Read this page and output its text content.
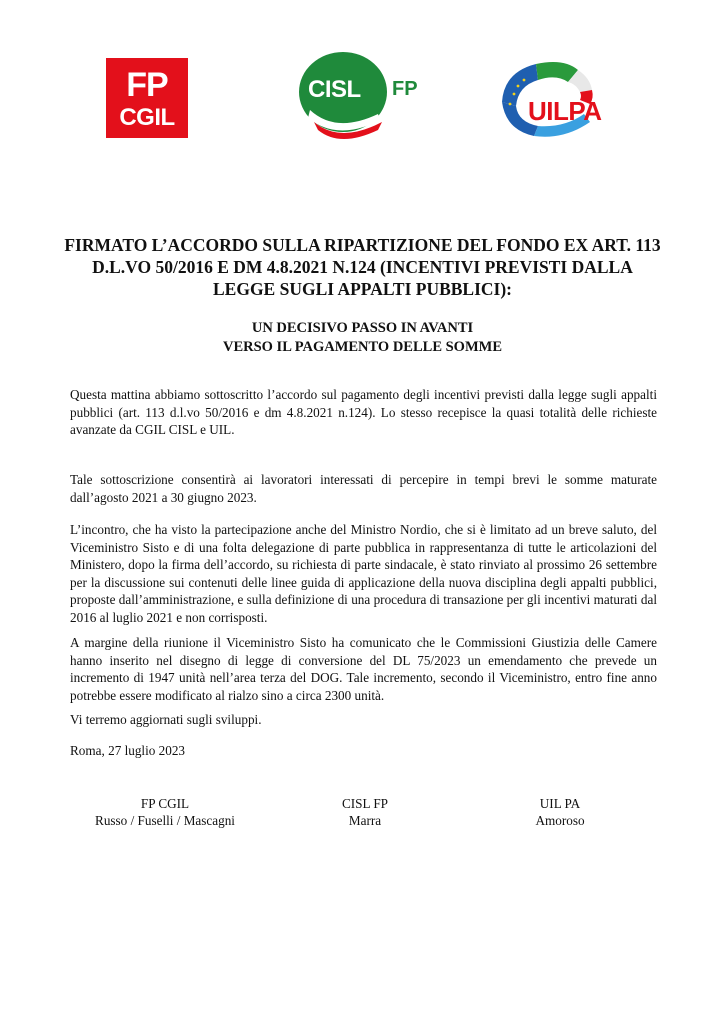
FP
CGIL
CISL FP
UILPA
FIRMATO L’ACCORDO SULLA RIPARTIZIONE DEL FONDO EX ART. 113 D.L.VO 50/2016 E DM 4.8.2021 N.124 (INCENTIVI PREVISTI DALLA LEGGE SUGLI APPALTI PUBBLICI):
UN DECISIVO PASSO IN AVANTI
VERSO IL PAGAMENTO DELLE SOMME

Questa mattina abbiamo sottoscritto l’accordo sul pagamento degli incentivi previsti dalla legge sugli appalti pubblici (art. 113 d.l.vo 50/2016 e dm 4.8.2021 n.124). Lo stesso recepisce la quasi totalità delle richieste avanzate da CGIL CISL e UIL.

Tale sottoscrizione consentirà ai lavoratori interessati di percepire in tempi brevi le somme maturate dall’agosto 2021 a 30 giugno 2023.

L’incontro, che ha visto la partecipazione anche del Ministro Nordio, che si è limitato ad un breve saluto, del Viceministro Sisto e di una folta delegazione di parte pubblica in rappresentanza di tutte le articolazioni del Ministero, dopo la firma dell’accordo, su richiesta di parte sindacale, è stato rinviato al prossimo 26 settembre per la discussione sui contenuti delle linee guida di applicazione della nuova disciplina degli appalti pubblici, proposte dall’amministrazione, e sulla definizione di una procedura di transazione per gli incentivi maturati dal 2016 al luglio 2021 e non corrisposti.

A margine della riunione il Viceministro Sisto ha comunicato che le Commissioni Giustizia delle Camere hanno inserito nel disegno di legge di conversione del DL 75/2023 un emendamento che prevede un incremento di 1947 unità nell’area terza del DOG. Tale incremento, secondo il Viceministro, entro fine anno potrebbe essere modificato al rialzo sino a circa 2300 unità.

Vi terremo aggiornati sugli sviluppi.

Roma, 27 luglio 2023

FP CGIL
Russo / Fuselli / Mascagni
CISL FP
Marra
UIL PA
Amoroso
